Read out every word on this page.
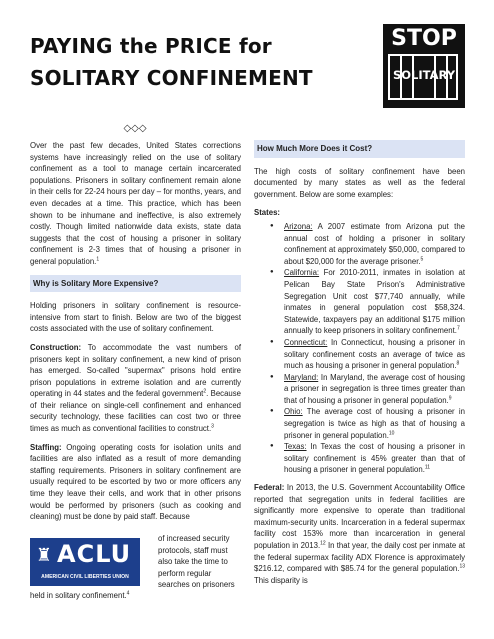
PAYING the PRICE for
SOLITARY CONFINEMENT
STOP
SOLITARY
◇◇◇

Over the past few decades, United States corrections systems have increasingly relied on the use of solitary confinement as a tool to manage certain incarcerated populations. Prisoners in solitary confinement remain alone in their cells for 22-24 hours per day – for months, years, and even decades at a time. This practice, which has been shown to be inhumane and ineffective, is also extremely costly. Though limited nationwide data exists, state data suggests that the cost of housing a prisoner in solitary confinement is 2-3 times that of housing a prisoner in general population.$^1$

Why is Solitary More Expensive?

Holding prisoners in solitary confinement is resource-intensive from start to finish. Below are two of the biggest costs associated with the use of solitary confinement.

Construction: To accommodate the vast numbers of prisoners kept in solitary confinement, a new kind of prison has emerged. So-called "supermax" prisons hold entire prison populations in extreme isolation and are currently operating in 44 states and the federal government$^2$. Because of their reliance on single-cell confinement and enhanced security technology, these facilities can cost two or three times as much as conventional facilities to construct.$^3$

Staffing: Ongoing operating costs for isolation units and facilities are also inflated as a result of more demanding staffing requirements. Prisoners in solitary confinement are usually required to be escorted by two or more officers any time they leave their cells, and work that in other prisons would be performed by prisoners (such as cooking and cleaning) must be done by paid staff. Because

♜ ACLU
AMERICAN CIVIL LIBERTIES UNION
of increased security protocols, staff must also take the time to perform regular searches on prisoners
held in solitary confinement.$^4$
How Much More Does it Cost?

The high costs of solitary confinement have been documented by many states as well as the federal government. Below are some examples:

States:

● Arizona: A 2007 estimate from Arizona put the annual cost of holding a prisoner in solitary confinement at approximately $50,000, compared to about $20,000 for the average prisoner.$^5$
● California: For 2010-2011, inmates in isolation at Pelican Bay State Prison's Administrative Segregation Unit cost $77,740 annually, while inmates in general population cost $58,324. Statewide, taxpayers pay an additional $175 million annually to keep prisoners in solitary confinement.$^7$
● Connecticut: In Connecticut, housing a prisoner in solitary confinement costs an average of twice as much as housing a prisoner in general population.$^8$
● Maryland: In Maryland, the average cost of housing a prisoner in segregation is three times greater than that of housing a prisoner in general population.$^9$
● Ohio: The average cost of housing a prisoner in segregation is twice as high as that of housing a prisoner in general population.$^{10}$
● Texas: In Texas the cost of housing a prisoner in solitary confinement is 45% greater than that of housing a prisoner in general population.$^{11}$

Federal: In 2013, the U.S. Government Accountability Office reported that segregation units in federal facilities are significantly more expensive to operate than traditional maximum-security units. Incarceration in a federal supermax facility cost 153% more than incarceration in general population in 2013.12 In that year, the daily cost per inmate at the federal supermax facility ADX Florence is approximately $216.12, compared with $85.74 for the general population.$^{13}$ This disparity is
